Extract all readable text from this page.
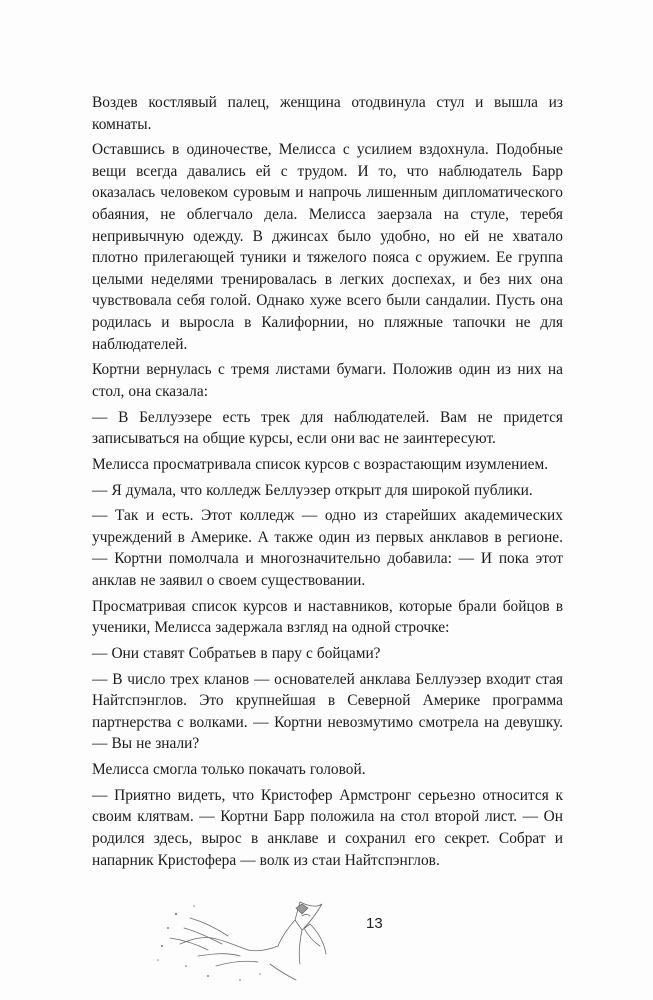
Воздев костлявый палец, женщина отодвинула стул и вышла из комнаты.

Оставшись в одиночестве, Мелисса с усилием вздохнула. Подобные вещи всегда давались ей с трудом. И то, что наблюдатель Барр оказалась человеком суровым и напрочь лишенным дипломатического обаяния, не облегчало дела. Мелисса заерзала на стуле, теребя непривычную одежду. В джинсах было удобно, но ей не хватало плотно прилегающей туники и тяжелого пояса с оружием. Ее группа целыми неделями тренировалась в легких доспехах, и без них она чувствовала себя голой. Однако хуже всего были сандалии. Пусть она родилась и выросла в Калифорнии, но пляжные тапочки не для наблюдателей.

Кортни вернулась с тремя листами бумаги. Положив один из них на стол, она сказала:

— В Беллуэзере есть трек для наблюдателей. Вам не придется записываться на общие курсы, если они вас не заинтересуют.

Мелисса просматривала список курсов с возрастающим изумлением.

— Я думала, что колледж Беллуэзер открыт для широкой публики.

— Так и есть. Этот колледж — одно из старейших академических учреждений в Америке. А также один из первых анклавов в регионе. — Кортни помолчала и многозначительно добавила: — И пока этот анклав не заявил о своем существовании.

Просматривая список курсов и наставников, которые брали бойцов в ученики, Мелисса задержала взгляд на одной строчке:

— Они ставят Собратьев в пару с бойцами?

— В число трех кланов — основателей анклава Беллуэзер входит стая Найтспэнглов. Это крупнейшая в Северной Америке программа партнерства с волками. — Кортни невозмутимо смотрела на девушку. — Вы не знали?

Мелисса смогла только покачать головой.

— Приятно видеть, что Кристофер Армстронг серьезно относится к своим клятвам. — Кортни Барр положила на стол второй лист. — Он родился здесь, вырос в анклаве и сохранил его секрет. Собрат и напарник Кристофера — волк из стаи Найтспэнглов.

13
